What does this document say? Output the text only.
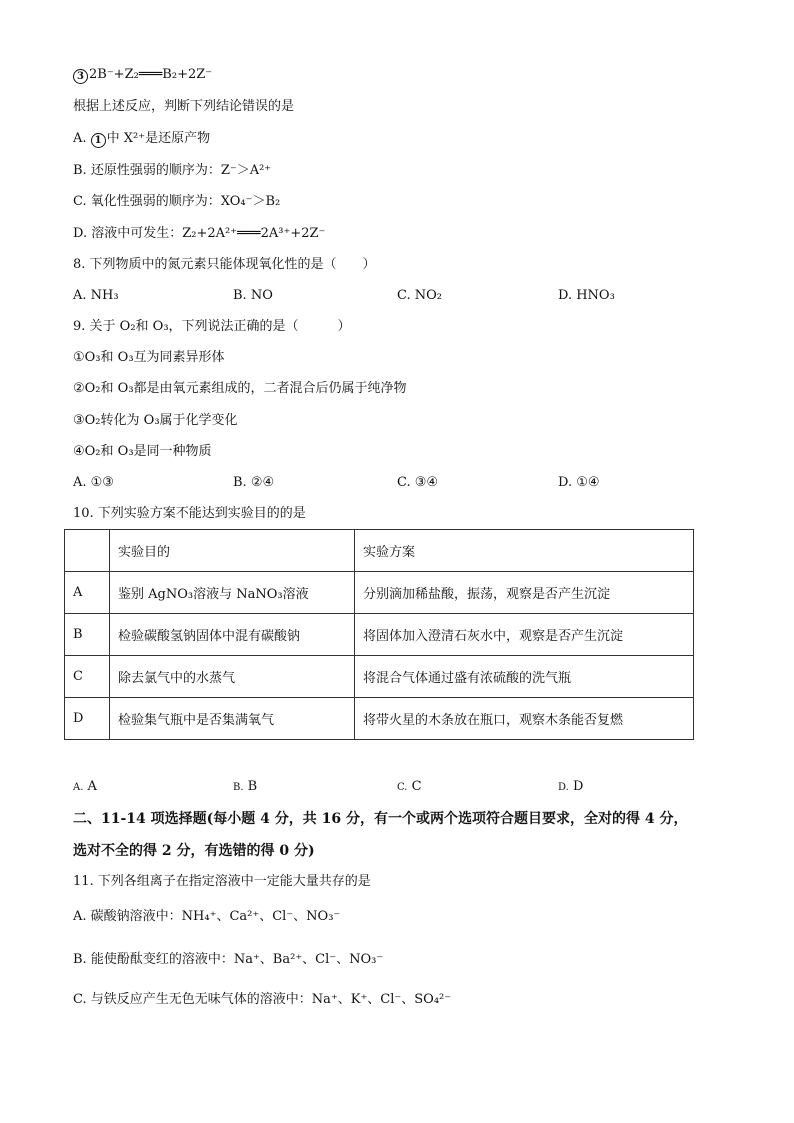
3 2B⁻+Z₂═══B₂+2Z⁻
根据上述反应，判断下列结论错误的是
A. 1 中 X²⁺是还原产物
B. 还原性强弱的顺序为：Z⁻＞A²⁺
C. 氧化性强弱的顺序为：XO₄⁻＞B₂
D. 溶液中可发生：Z₂+2A²⁺═══2A³⁺+2Z⁻
8. 下列物质中的氮元素只能体现氧化性的是（　　）
A. NH₃	B. NO	C. NO₂	D. HNO₃
9. 关于 O₂和 O₃，下列说法正确的是（　　　）
①O₃和 O₃互为同素异形体
②O₂和 O₃都是由氧元素组成的，二者混合后仍属于纯净物
③O₂转化为 O₃属于化学变化
④O₂和 O₃是同一种物质
A. ①③	B. ②④	C. ③④	D. ①④
10. 下列实验方案不能达到实验目的的是
	实验目的	实验方案
A	鉴别 AgNO₃溶液与 NaNO₃溶液	分别滴加稀盐酸，振荡，观察是否产生沉淀
B	检验碳酸氢钠固体中混有碳酸钠	将固体加入澄清石灰水中，观察是否产生沉淀
C	除去氯气中的水蒸气	将混合气体通过盛有浓硫酸的洗气瓶
D	检验集气瓶中是否集满氧气	将带火星的木条放在瓶口，观察木条能否复燃
A. A	B. B	C. C	D. D
二、11-14 项选择题(每小题 4 分，共 16 分，有一个或两个选项符合题目要求，全对的得 4 分，
选对不全的得 2 分，有选错的得 0 分)
11. 下列各组离子在指定溶液中一定能大量共存的是
A. 碳酸钠溶液中：NH₄⁺、Ca²⁺、Cl⁻、NO₃⁻
B. 能使酚酞变红的溶液中：Na⁺、Ba²⁺、Cl⁻、NO₃⁻
C. 与铁反应产生无色无味气体的溶液中：Na⁺、K⁺、Cl⁻、SO₄²⁻
